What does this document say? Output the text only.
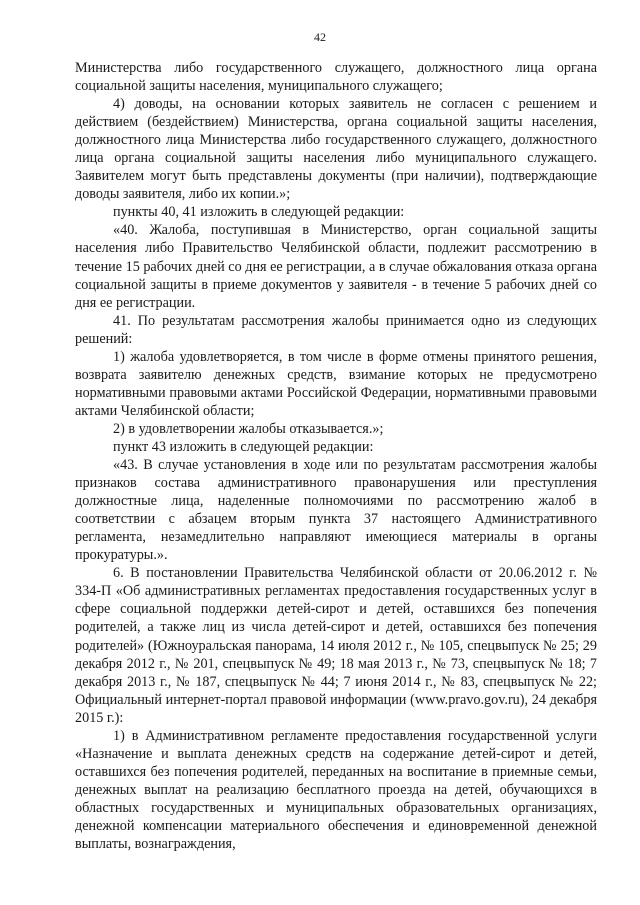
42

Министерства либо государственного служащего, должностного лица органа социальной защиты населения, муниципального служащего;

4) доводы, на основании которых заявитель не согласен с решением и действием (бездействием) Министерства, органа социальной защиты населения, должностного лица Министерства либо государственного служащего, должностного лица органа социальной защиты населения либо муниципального служащего. Заявителем могут быть представлены документы (при наличии), подтверждающие доводы заявителя, либо их копии.»;

пункты 40, 41 изложить в следующей редакции:

«40. Жалоба, поступившая в Министерство, орган социальной защиты населения либо Правительство Челябинской области, подлежит рассмотрению в течение 15 рабочих дней со дня ее регистрации, а в случае обжалования отказа органа социальной защиты в приеме документов у заявителя - в течение 5 рабочих дней со дня ее регистрации.

41. По результатам рассмотрения жалобы принимается одно из следующих решений:

1) жалоба удовлетворяется, в том числе в форме отмены принятого решения, возврата заявителю денежных средств, взимание которых не предусмотрено нормативными правовыми актами Российской Федерации, нормативными правовыми актами Челябинской области;

2) в удовлетворении жалобы отказывается.»;

пункт 43 изложить в следующей редакции:

«43. В случае установления в ходе или по результатам рассмотрения жалобы признаков состава административного правонарушения или преступления должностные лица, наделенные полномочиями по рассмотрению жалоб в соответствии с абзацем вторым пункта 37 настоящего Административного регламента, незамедлительно направляют имеющиеся материалы в органы прокуратуры.».

6. В постановлении Правительства Челябинской области от 20.06.2012 г. № 334-П «Об административных регламентах предоставления государственных услуг в сфере социальной поддержки детей-сирот и детей, оставшихся без попечения родителей, а также лиц из числа детей-сирот и детей, оставшихся без попечения родителей» (Южноуральская панорама, 14 июля 2012 г., № 105, спецвыпуск № 25; 29 декабря 2012 г., № 201, спецвыпуск № 49; 18 мая 2013 г., № 73, спецвыпуск № 18; 7 декабря 2013 г., № 187, спецвыпуск № 44; 7 июня 2014 г., № 83, спецвыпуск № 22; Официальный интернет-портал правовой информации (www.pravo.gov.ru), 24 декабря 2015 г.):

1) в Административном регламенте предоставления государственной услуги «Назначение и выплата денежных средств на содержание детей-сирот и детей, оставшихся без попечения родителей, переданных на воспитание в приемные семьи, денежных выплат на реализацию бесплатного проезда на детей, обучающихся в областных государственных и муниципальных образовательных организациях, денежной компенсации материального обеспечения и единовременной денежной выплаты, вознаграждения,
